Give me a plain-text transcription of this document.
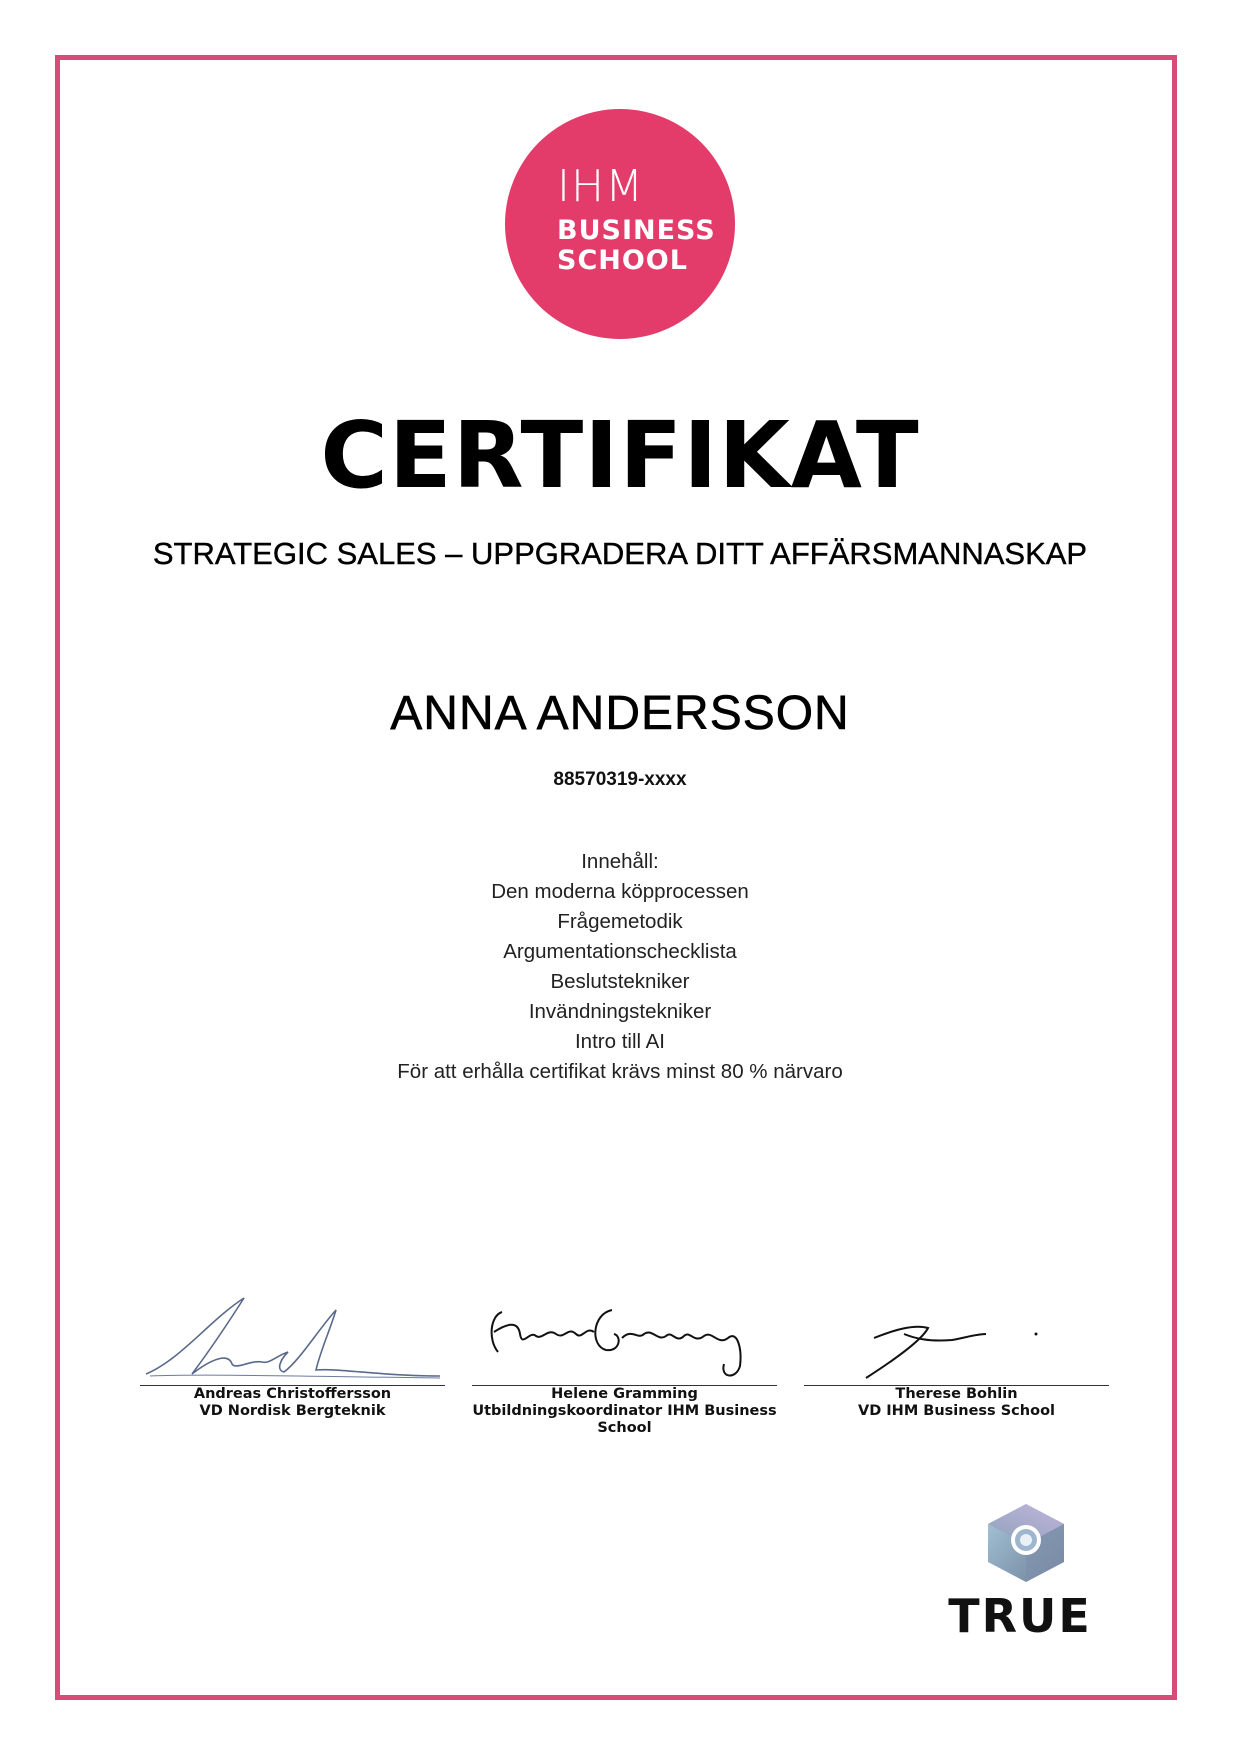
IHM
BUSINESS
SCHOOL
CERTIFIKAT
STRATEGIC SALES – UPPGRADERA DITT AFFÄRSMANNASKAP
ANNA ANDERSSON
88570319-xxxx
Innehåll:
Den moderna köpprocessen
Frågemetodik
Argumentationschecklista
Beslutstekniker
Invändningstekniker
Intro till AI
För att erhålla certifikat krävs minst 80 % närvaro
Andreas Christoffersson
VD Nordisk Bergteknik
Helene Gramming
Utbildningskoordinator IHM Business School
Therese Bohlin
VD IHM Business School
TRUE
